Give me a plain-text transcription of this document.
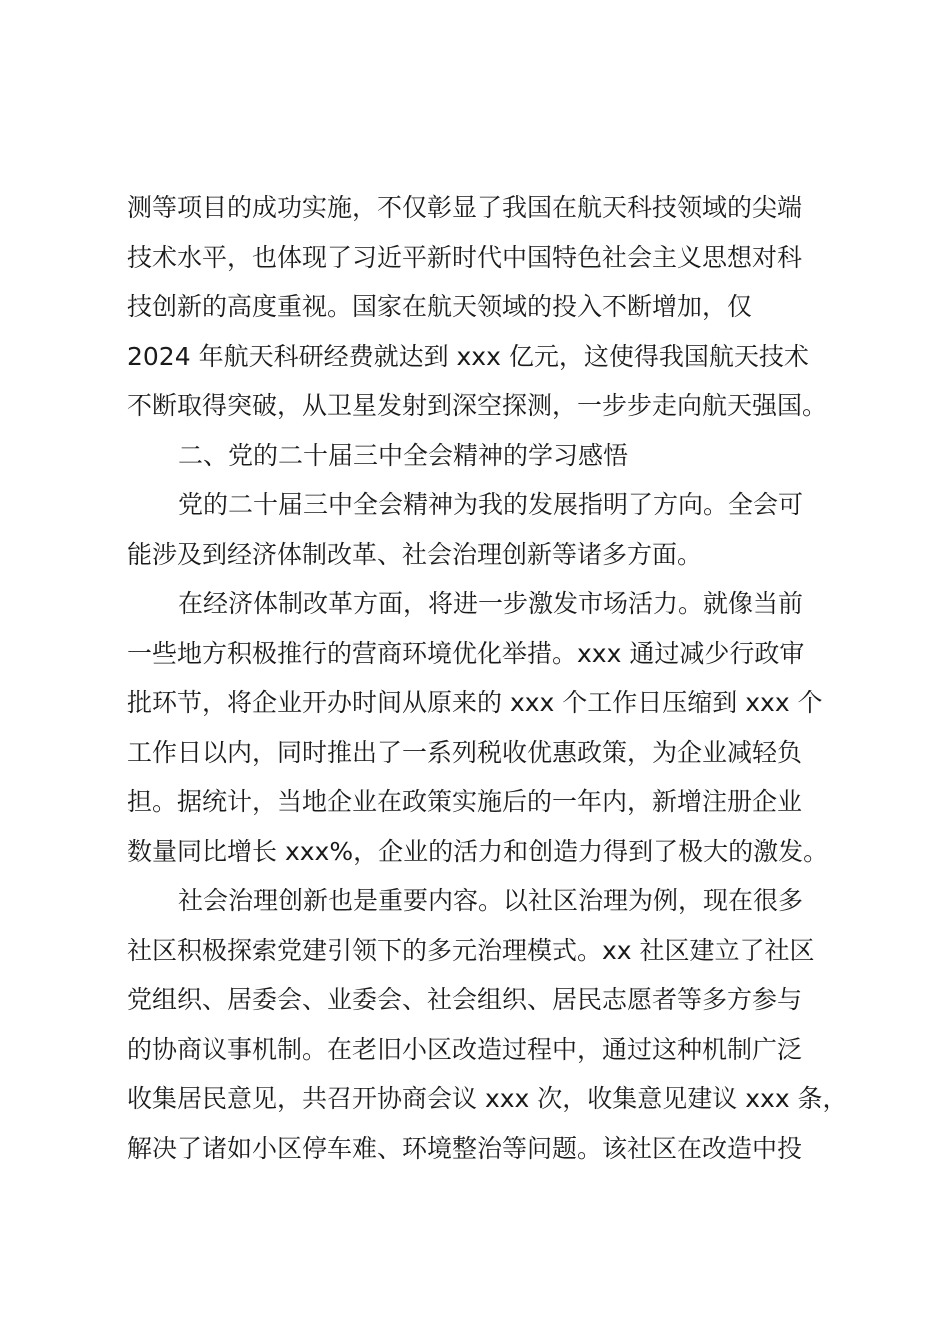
测等项目的成功实施，不仅彰显了我国在航天科技领域的尖端
技术水平，也体现了习近平新时代中国特色社会主义思想对科
技创新的高度重视。国家在航天领域的投入不断增加，仅
2024 年航天科研经费就达到 xxx 亿元，这使得我国航天技术
不断取得突破，从卫星发射到深空探测，一步步走向航天强国。
二、党的二十届三中全会精神的学习感悟
党的二十届三中全会精神为我的发展指明了方向。全会可
能涉及到经济体制改革、社会治理创新等诸多方面。
在经济体制改革方面，将进一步激发市场活力。就像当前
一些地方积极推行的营商环境优化举措。xxx 通过减少行政审
批环节，将企业开办时间从原来的 xxx 个工作日压缩到 xxx 个
工作日以内，同时推出了一系列税收优惠政策，为企业减轻负
担。据统计，当地企业在政策实施后的一年内，新增注册企业
数量同比增长 xxx%，企业的活力和创造力得到了极大的激发。
社会治理创新也是重要内容。以社区治理为例，现在很多
社区积极探索党建引领下的多元治理模式。xx 社区建立了社区
党组织、居委会、业委会、社会组织、居民志愿者等多方参与
的协商议事机制。在老旧小区改造过程中，通过这种机制广泛
收集居民意见，共召开协商会议 xxx 次，收集意见建议 xxx 条，
解决了诸如小区停车难、环境整治等问题。该社区在改造中投
